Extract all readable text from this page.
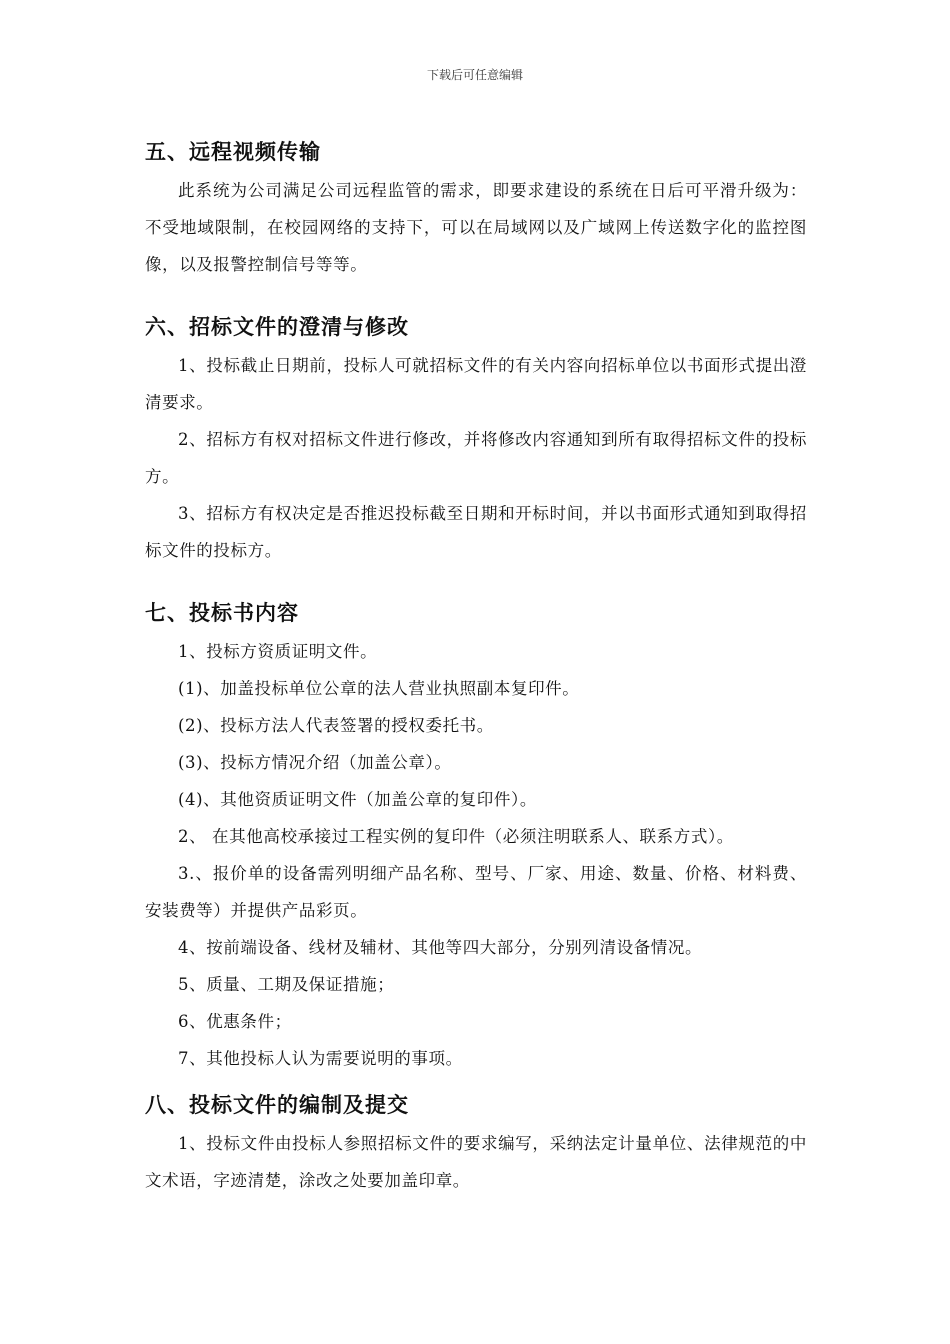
下载后可任意编辑
五、远程视频传输

此系统为公司满足公司远程监管的需求，即要求建设的系统在日后可平滑升级为：不受地域限制，在校园网络的支持下，可以在局域网以及广域网上传送数字化的监控图像，以及报警控制信号等等。

六、招标文件的澄清与修改

1、投标截止日期前，投标人可就招标文件的有关内容向招标单位以书面形式提出澄清要求。

2、招标方有权对招标文件进行修改，并将修改内容通知到所有取得招标文件的投标方。

3、招标方有权决定是否推迟投标截至日期和开标时间，并以书面形式通知到取得招标文件的投标方。

七、投标书内容

1、投标方资质证明文件。

(1)、加盖投标单位公章的法人营业执照副本复印件。

(2)、投标方法人代表签署的授权委托书。

(3)、投标方情况介绍（加盖公章）。

(4)、其他资质证明文件（加盖公章的复印件）。

2、 在其他高校承接过工程实例的复印件（必须注明联系人、联系方式）。

3.、报价单的设备需列明细产品名称、型号、厂家、用途、数量、价格、材料费、安装费等）并提供产品彩页。

4、按前端设备、线材及辅材、其他等四大部分，分别列清设备情况。

5、质量、工期及保证措施；

6、优惠条件；

7、其他投标人认为需要说明的事项。

八、投标文件的编制及提交

1、投标文件由投标人参照招标文件的要求编写，采纳法定计量单位、法律规范的中文术语，字迹清楚，涂改之处要加盖印章。
